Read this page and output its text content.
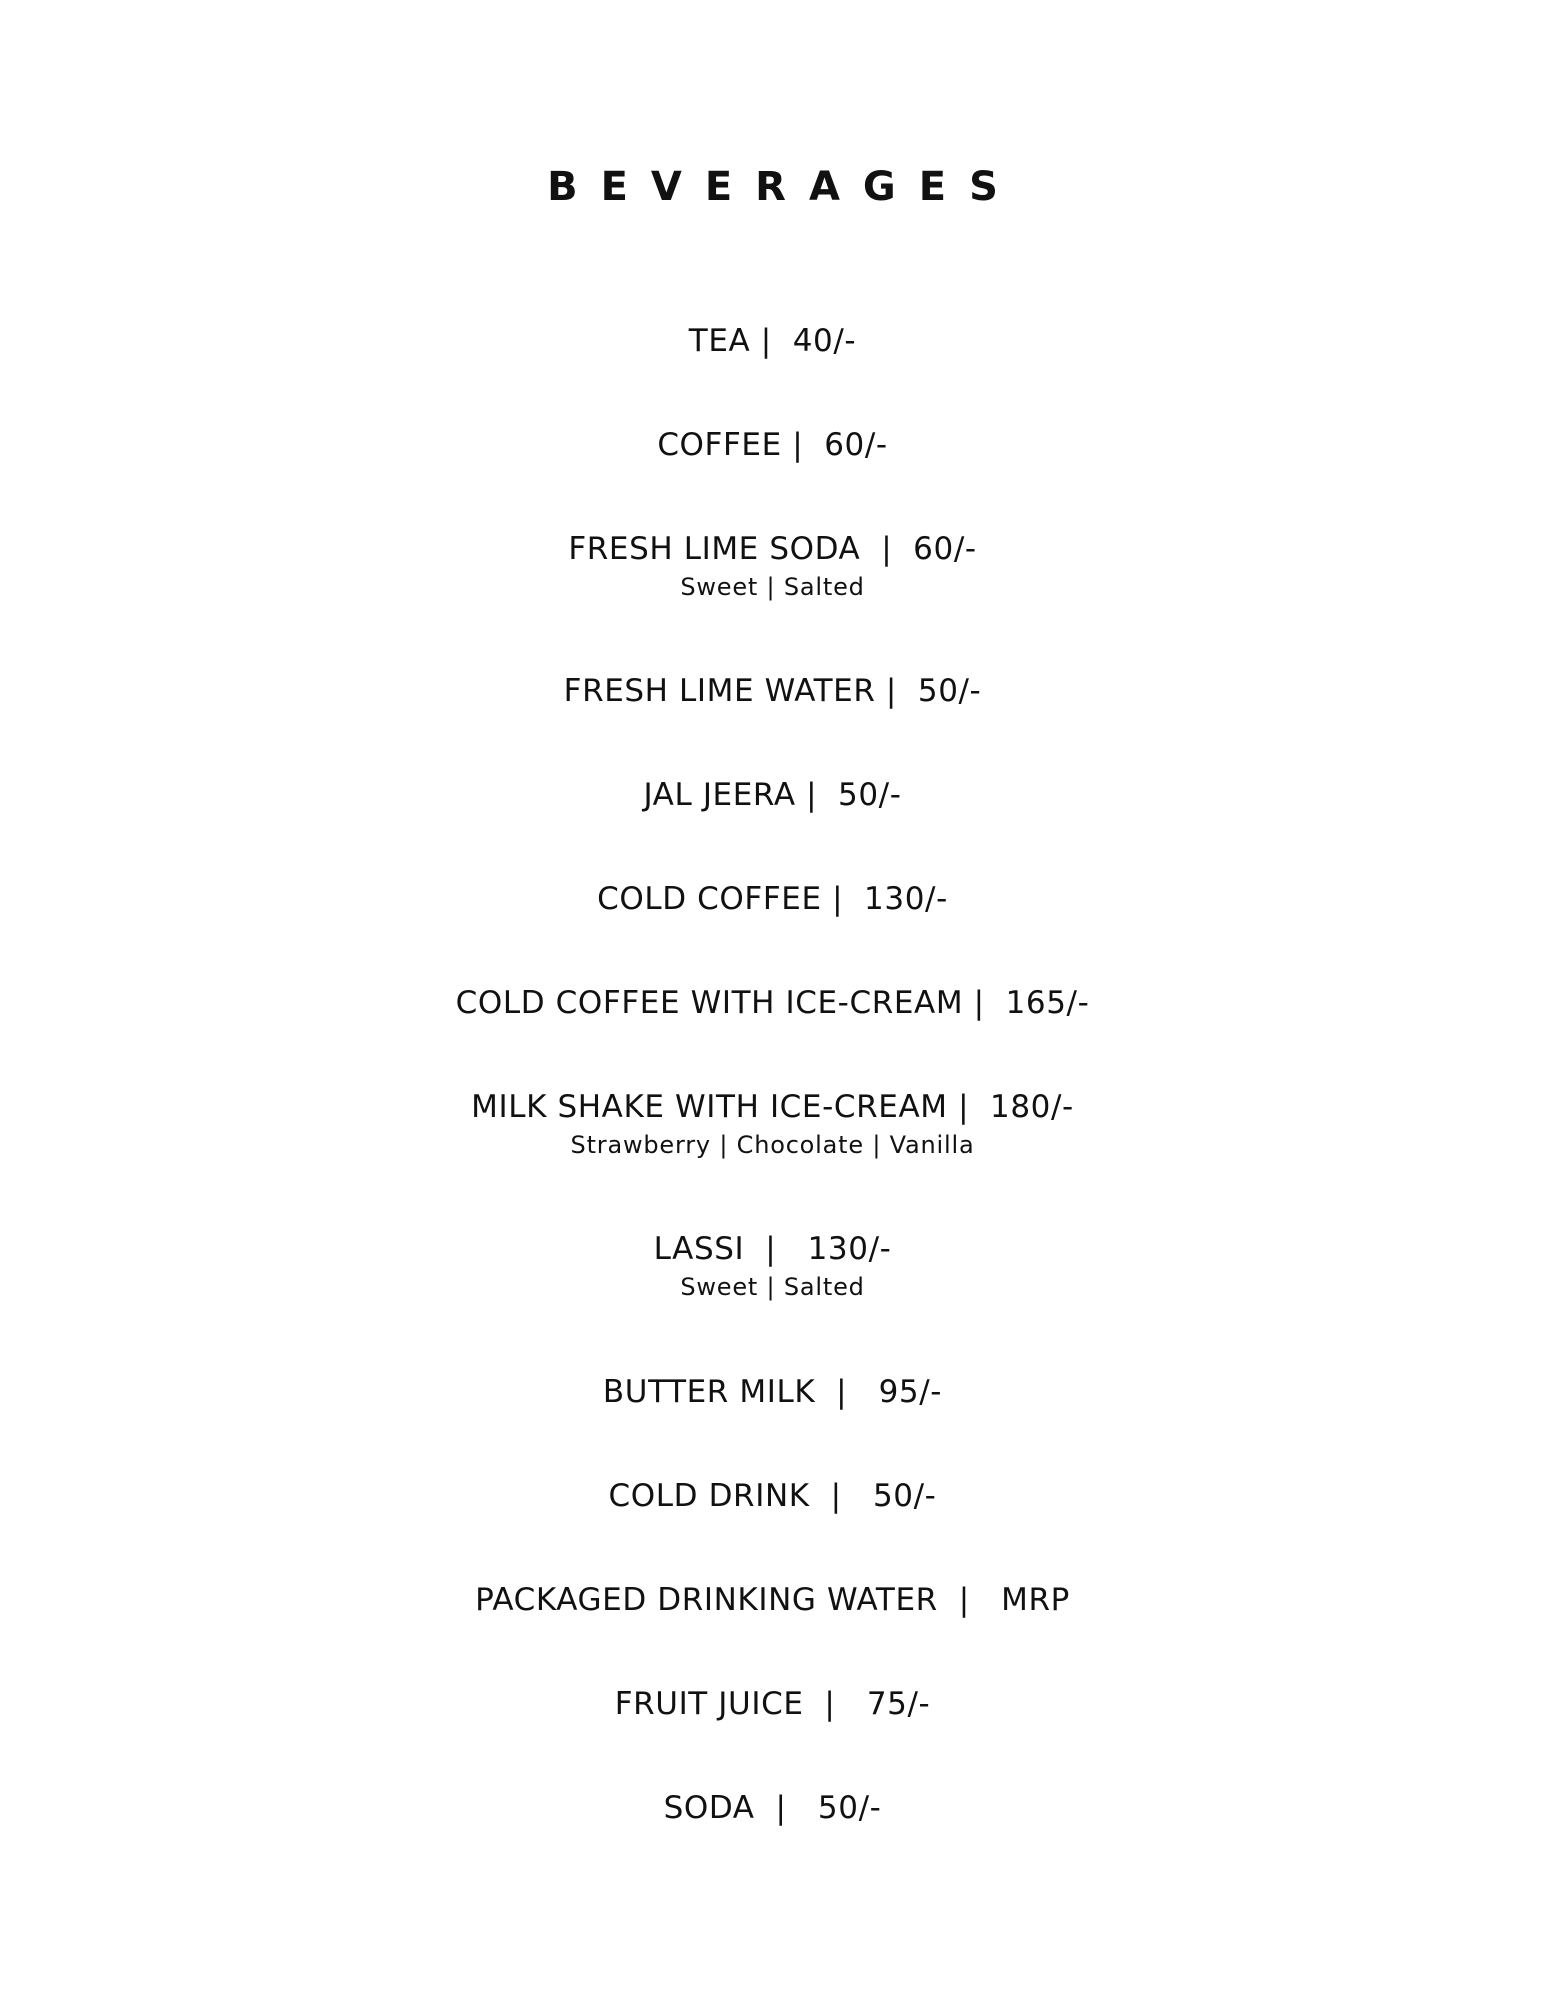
BEVERAGES
TEA |  40/-
COFFEE |  60/-
FRESH LIME SODA  |  60/-
Sweet | Salted
FRESH LIME WATER |  50/-
JAL JEERA |  50/-
COLD COFFEE |  130/-
COLD COFFEE WITH ICE-CREAM |  165/-
MILK SHAKE WITH ICE-CREAM |  180/-
Strawberry | Chocolate | Vanilla
LASSI  |   130/-
Sweet | Salted
BUTTER MILK  |   95/-
COLD DRINK  |   50/-
PACKAGED DRINKING WATER  |   MRP
FRUIT JUICE  |   75/-
SODA  |   50/-
